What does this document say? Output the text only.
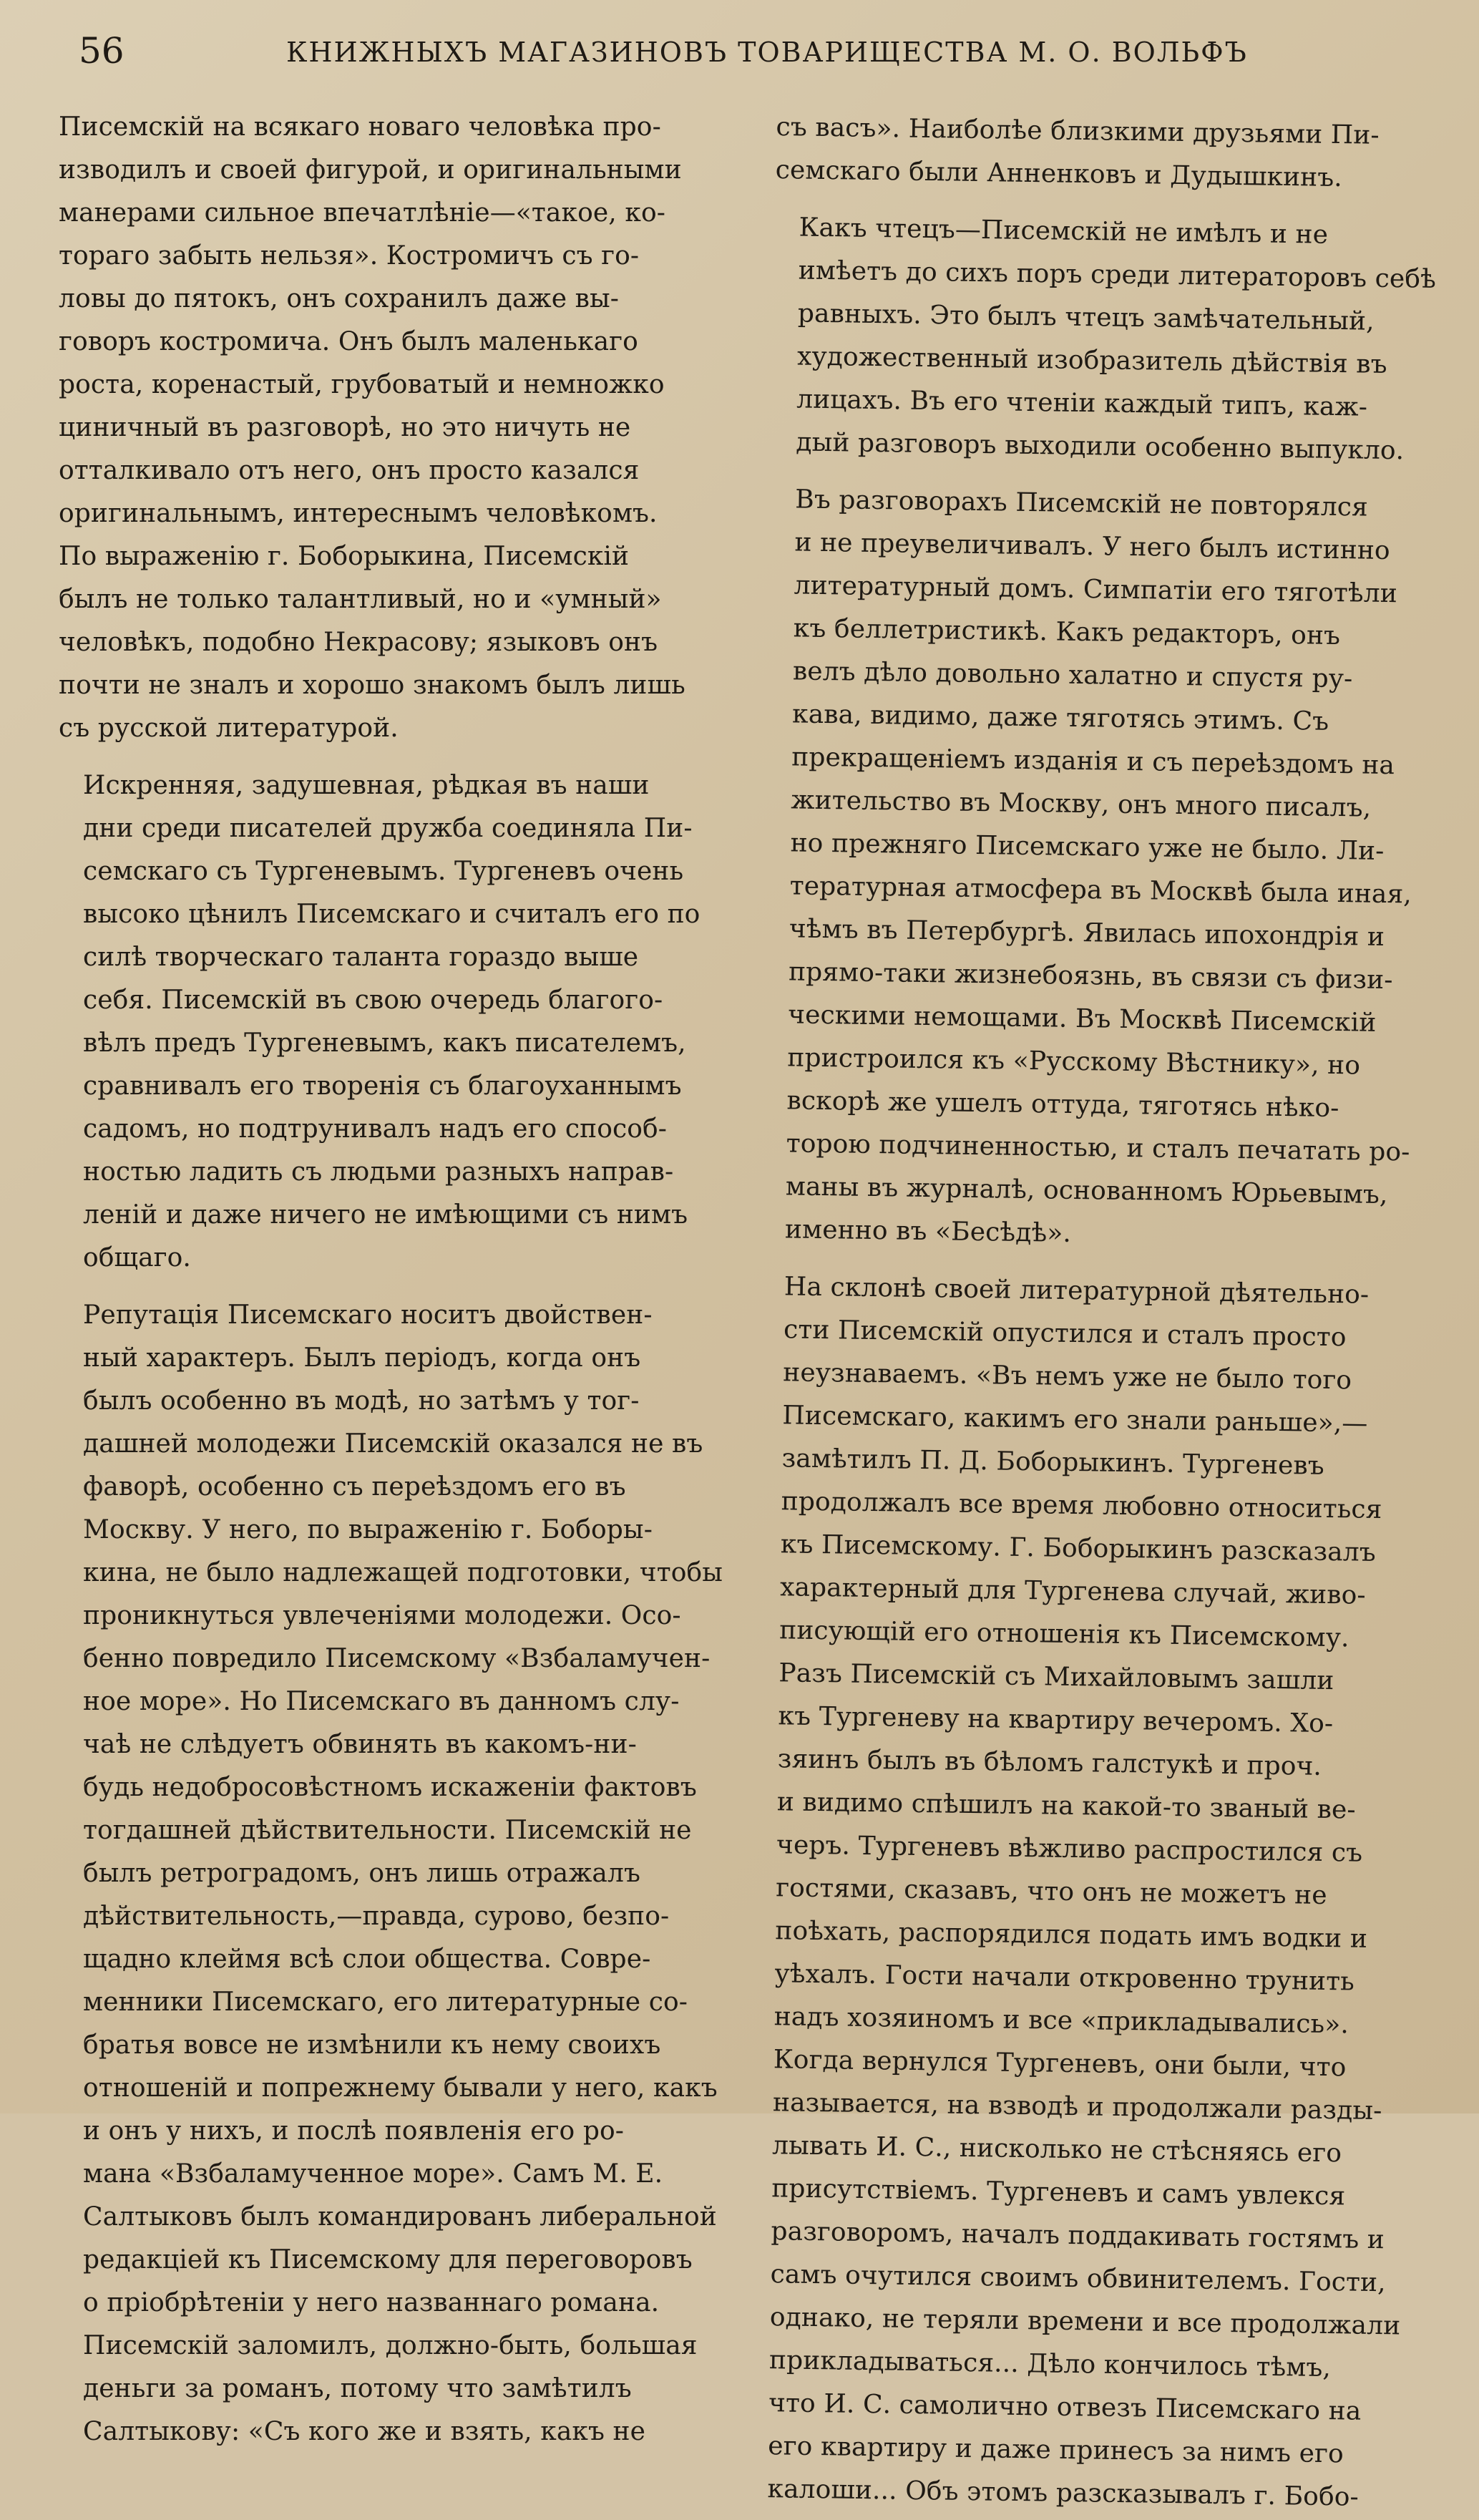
56	КНИЖНЫХЪ МАГАЗИНОВЪ ТОВАРИЩЕСТВА М. О. ВОЛЬФЪ

Писемскiй на всякаго новаго человѣка про-
изводилъ и своей фигурой, и оригинальными
манерами сильное впечатлѣнiе—«такое, ко-
тораго забыть нельзя». Костромичъ съ го-
ловы до пятокъ, онъ сохранилъ даже вы-
говоръ костромича. Онъ былъ маленькаго
роста, коренастый, грубоватый и немножко
циничный въ разговорѣ, но это ничуть не
отталкивало отъ него, онъ просто казался
оригинальнымъ, интереснымъ человѣкомъ.
По выраженiю г. Боборыкина, Писемскiй
былъ не только талантливый, но и «умный»
человѣкъ, подобно Некрасову; языковъ онъ
почти не зналъ и хорошо знакомъ былъ лишь
съ русской литературой.

Искренняя, задушевная, рѣдкая въ наши
дни среди писателей дружба соединяла Пи-
семскаго съ Тургеневымъ. Тургеневъ очень
высоко цѣнилъ Писемскаго и считалъ его по
силѣ творческаго таланта гораздо выше
себя. Писемскiй въ свою очередь благого-
вѣлъ предъ Тургеневымъ, какъ писателемъ,
сравнивалъ его творенiя съ благоуханнымъ
садомъ, но подтрунивалъ надъ его способ-
ностью ладить съ людьми разныхъ направ-
ленiй и даже ничего не имѣющими съ нимъ
общаго.

Репутацiя Писемскаго носитъ двойствен-
ный характеръ. Былъ перiодъ, когда онъ
былъ особенно въ модѣ, но затѣмъ у тог-
дашней молодежи Писемскiй оказался не въ
фаворѣ, особенно съ переѣздомъ его въ
Москву. У него, по выраженiю г. Боборы-
кина, не было надлежащей подготовки, чтобы
проникнуться увлеченiями молодежи. Осо-
бенно повредило Писемскому «Взбаламучен-
ное море». Но Писемскаго въ данномъ слу-
чаѣ не слѣдуетъ обвинять въ какомъ-ни-
будь недобросовѣстномъ искаженiи фактовъ
тогдашней дѣйствительности. Писемскiй не
былъ ретроградомъ, онъ лишь отражалъ
дѣйствительность,—правда, сурово, безпо-
щадно клеймя всѣ слои общества. Совре-
менники Писемскаго, его литературные со-
братья вовсе не измѣнили къ нему своихъ
отношенiй и попрежнему бывали у него, какъ
и онъ у нихъ, и послѣ появленiя его ро-
мана «Взбаламученное море». Самъ М. Е.
Салтыковъ былъ командированъ либеральной
редакцiей къ Писемскому для переговоровъ
о прiобрѣтенiи у него названнаго романа.
Писемскiй заломилъ, должно-быть, большая
деньги за романъ, потому что замѣтилъ
Салтыкову: «Съ кого же и взять, какъ не

съ васъ». Наиболѣе близкими друзьями Пи-
семскаго были Анненковъ и Дудышкинъ.

Какъ чтецъ—Писемскiй не имѣлъ и не
имѣетъ до сихъ поръ среди литераторовъ себѣ
равныхъ. Это былъ чтецъ замѣчательный,
художественный изобразитель дѣйствiя въ
лицахъ. Въ его чтенiи каждый типъ, каж-
дый разговоръ выходили особенно выпукло.

Въ разговорахъ Писемскiй не повторялся
и не преувеличивалъ. У него былъ истинно
литературный домъ. Симпатiи его тяготѣли
къ беллетристикѣ. Какъ редакторъ, онъ
велъ дѣло довольно халатно и спустя ру-
кава, видимо, даже тяготясь этимъ. Съ
прекращенiемъ изданiя и съ переѣздомъ на
жительство въ Москву, онъ много писалъ,
но прежняго Писемскаго уже не было. Ли-
тературная атмосфера въ Москвѣ была иная,
чѣмъ въ Петербургѣ. Явилась ипохондрiя и
прямо-таки жизнебоязнь, въ связи съ физи-
ческими немощами. Въ Москвѣ Писемскiй
пристроился къ «Русскому Вѣстнику», но
вскорѣ же ушелъ оттуда, тяготясь нѣко-
торою подчиненностью, и сталъ печатать ро-
маны въ журналѣ, основанномъ Юрьевымъ,
именно въ «Бесѣдѣ».

На склонѣ своей литературной дѣятельно-
сти Писемскiй опустился и сталъ просто
неузнаваемъ. «Въ немъ уже не было того
Писемскаго, какимъ его знали раньше»,—
замѣтилъ П. Д. Боборыкинъ. Тургеневъ
продолжалъ все время любовно относиться
къ Писемскому. Г. Боборыкинъ разсказалъ
характерный для Тургенева случай, живо-
писующiй его отношенiя къ Писемскому.
Разъ Писемскiй съ Михайловымъ зашли
къ Тургеневу на квартиру вечеромъ. Хо-
зяинъ былъ въ бѣломъ галстукѣ и проч.
и видимо спѣшилъ на какой-то званый ве-
черъ. Тургеневъ вѣжливо распростился съ
гостями, сказавъ, что онъ не можетъ не
поѣхать, распорядился подать имъ водки и
уѣхалъ. Гости начали откровенно трунить
надъ хозяиномъ и все «прикладывались».
Когда вернулся Тургеневъ, они были, что
называется, на взводѣ и продолжали разды-
лывать И. С., нисколько не стѣсняясь его
присутствiемъ. Тургеневъ и самъ увлекся
разговоромъ, началъ поддакивать гостямъ и
самъ очутился своимъ обвинителемъ. Гости,
однако, не теряли времени и все продолжали
прикладываться... Дѣло кончилось тѣмъ,
что И. С. самолично отвезъ Писемскаго на
его квартиру и даже принесъ за нимъ его
калоши... Объ этомъ разсказывалъ г. Бобо-
